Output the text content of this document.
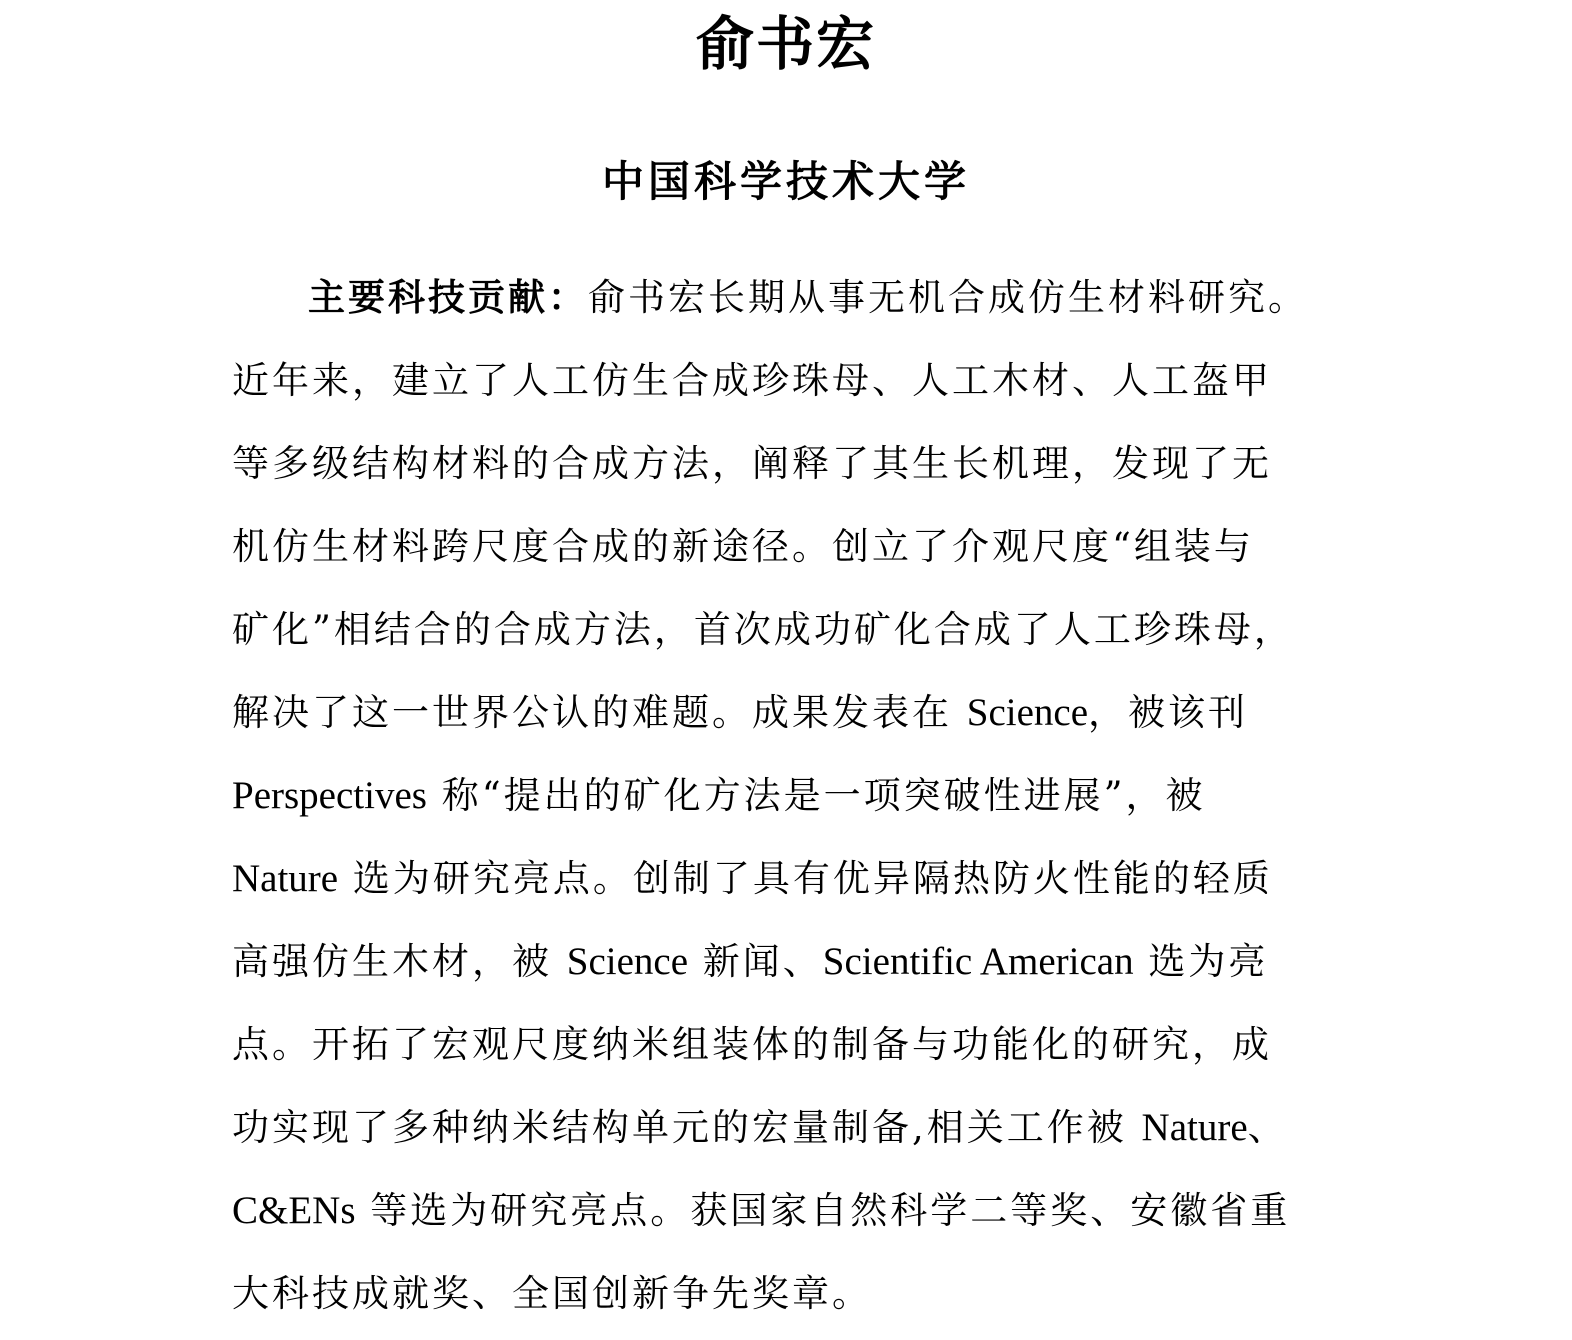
俞书宏
中国科学技术大学
主要科技贡献：俞书宏长期从事无机合成仿生材料研究。
近年来，建立了人工仿生合成珍珠母、人工木材、人工盔甲
等多级结构材料的合成方法，阐释了其生长机理，发现了无
机仿生材料跨尺度合成的新途径。创立了介观尺度“组装与
矿化”相结合的合成方法，首次成功矿化合成了人工珍珠母，
解决了这一世界公认的难题。成果发表在 Science，被该刊
Perspectives 称“提出的矿化方法是一项突破性进展”，被
Nature 选为研究亮点。创制了具有优异隔热防火性能的轻质
高强仿生木材，被 Science 新闻、Scientific American 选为亮
点。开拓了宏观尺度纳米组装体的制备与功能化的研究，成
功实现了多种纳米结构单元的宏量制备,相关工作被 Nature、
C&ENs 等选为研究亮点。获国家自然科学二等奖、安徽省重
大科技成就奖、全国创新争先奖章。
